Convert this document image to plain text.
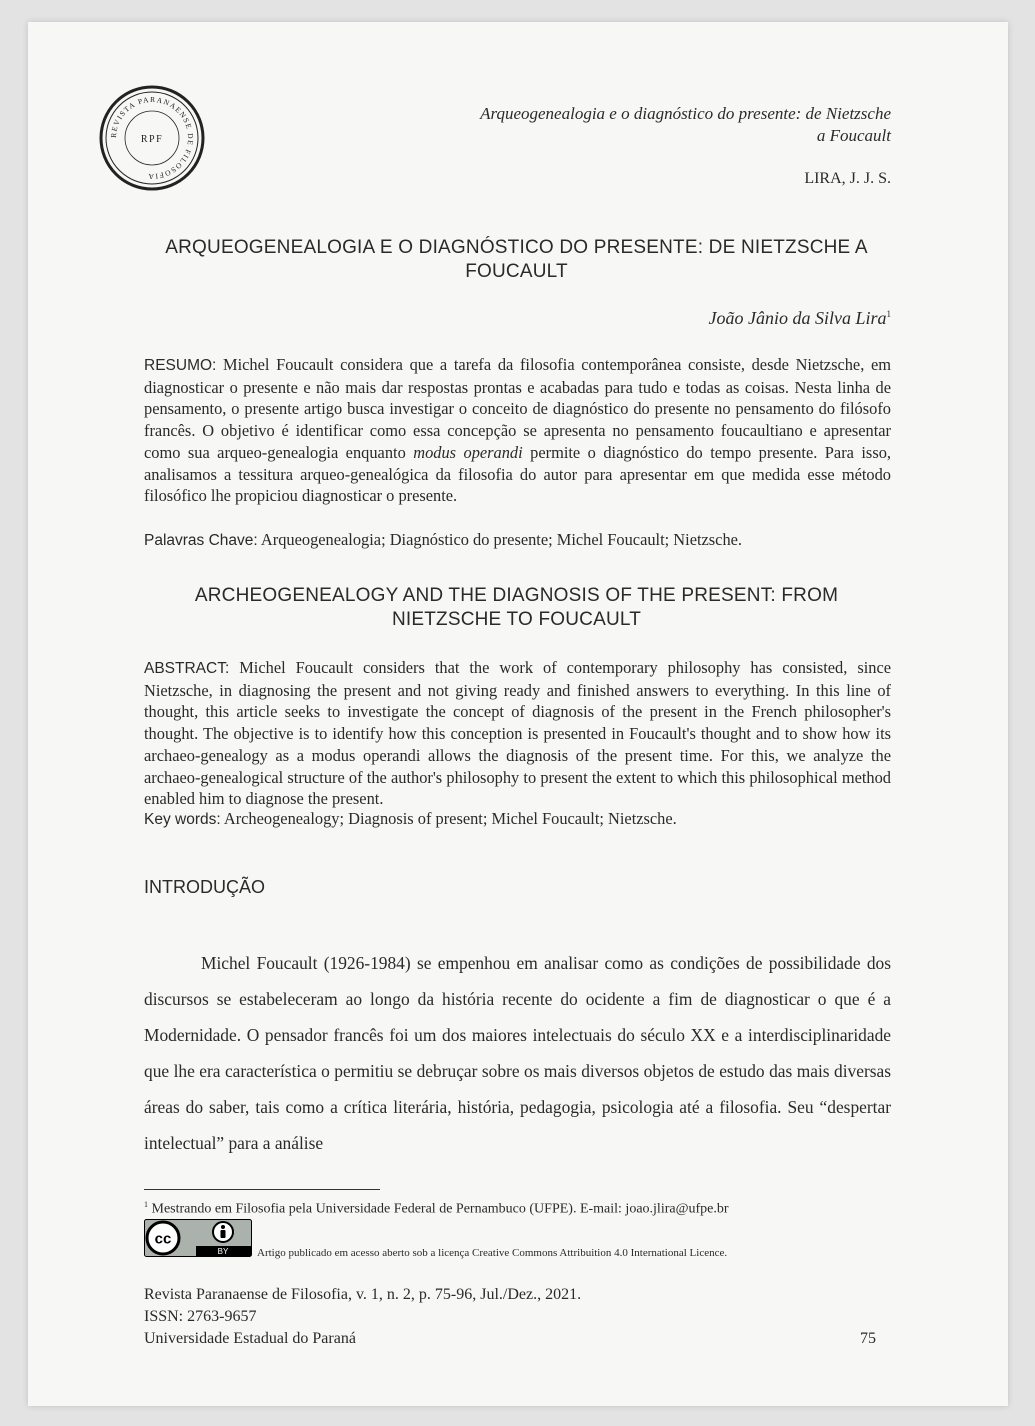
REVISTA PARANAENSE DE FILOSOFIA
RPF
Arqueogenealogia e o diagnóstico do presente: de Nietzsche a Foucault
LIRA, J. J. S.
ARQUEOGENEALOGIA E O DIAGNÓSTICO DO PRESENTE: DE NIETZSCHE A FOUCAULT
João Jânio da Silva Lira$^1$
RESUMO: Michel Foucault considera que a tarefa da filosofia contemporânea consiste, desde Nietzsche, em diagnosticar o presente e não mais dar respostas prontas e acabadas para tudo e todas as coisas. Nesta linha de pensamento, o presente artigo busca investigar o conceito de diagnóstico do presente no pensamento do filósofo francês. O objetivo é identificar como essa concepção se apresenta no pensamento foucaultiano e apresentar como sua arqueo-genealogia enquanto modus operandi permite o diagnóstico do tempo presente. Para isso, analisamos a tessitura arqueo-genealógica da filosofia do autor para apresentar em que medida esse método filosófico lhe propiciou diagnosticar o presente.
Palavras Chave: Arqueogenealogia; Diagnóstico do presente; Michel Foucault; Nietzsche.
ARCHEOGENEALOGY AND THE DIAGNOSIS OF THE PRESENT: FROM NIETZSCHE TO FOUCAULT
ABSTRACT: Michel Foucault considers that the work of contemporary philosophy has consisted, since Nietzsche, in diagnosing the present and not giving ready and finished answers to everything. In this line of thought, this article seeks to investigate the concept of diagnosis of the present in the French philosopher's thought. The objective is to identify how this conception is presented in Foucault's thought and to show how its archaeo-genealogy as a modus operandi allows the diagnosis of the present time. For this, we analyze the archaeo-genealogical structure of the author's philosophy to present the extent to which this philosophical method enabled him to diagnose the present.
Key words: Archeogenealogy; Diagnosis of present; Michel Foucault; Nietzsche.
INTRODUÇÃO
Michel Foucault (1926-1984) se empenhou em analisar como as condições de possibilidade dos discursos se estabeleceram ao longo da história recente do ocidente a fim de diagnosticar o que é a Modernidade. O pensador francês foi um dos maiores intelectuais do século XX e a interdisciplinaridade que lhe era característica o permitiu se debruçar sobre os mais diversos objetos de estudo das mais diversas áreas do saber, tais como a crítica literária, história, pedagogia, psicologia até a filosofia. Seu “despertar intelectual” para a análise
$^1$ Mestrando em Filosofia pela Universidade Federal de Pernambuco (UFPE). E-mail: joao.jlira@ufpe.br
cc
BY	Artigo publicado em acesso aberto sob a licença Creative Commons Attribuition 4.0 International Licence.
Revista Paranaense de Filosofia, v. 1, n. 2, p. 75-96, Jul./Dez., 2021.
ISSN: 2763-9657
Universidade Estadual do Paraná	75
